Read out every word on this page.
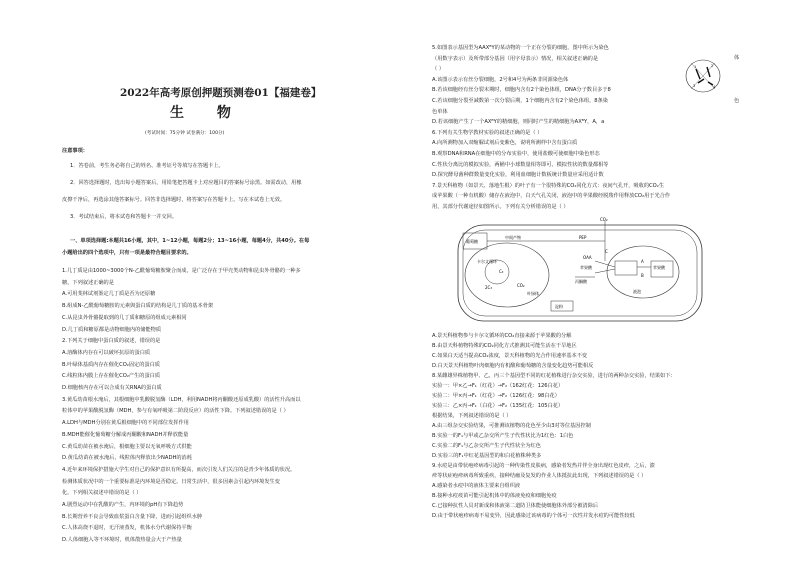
2022年高考原创押题预测卷01【福建卷】
生 物
(考试时间：75分钟 试卷满分：100分)
注意事项：
1．答卷前，考生务必将自己的姓名、准考证号等填写在答题卡上。
2．回答选择题时，选出每小题答案后，用铅笔把答题卡上对应题目的答案标号涂黑。如需改动，用橡
皮擦干净后，再选涂其他答案标号。回答非选择题时，将答案写在答题卡上。写在本试卷上无效。
3．考试结束后，将本试卷和答题卡一并交回。
一、单项选择题:本题共16小题，其中，1~12小题，每题2分；13~16小题，每题4分，共40分。在每
小题给出的四个选项中，只有一项是最符合题目要求的。
1.几丁质是由1000~3000个N-乙酰葡萄糖胺聚合而成，是广泛存在于甲壳类动物和昆虫外骨骼的一种多
糖。下列叙述正确的是
A.可用斐林试剂鉴定几丁质是否为还原糖
B.組成N-乙酰葡萄糖胺的元素與蛋白质的结构是几丁质的基本骨架
C.从昆虫外骨骼提取到的几丁质和糖原的组成元素相同
D.几丁质和糖原都是动物细胞内的储能物质
2.下列关于细胞中蛋白质的叙述，错误的是
A.溶酶体内存在可以破坏抗原的蛋白质
B.叶绿体基质内存在催化CO₂固定的蛋白质
C.线粒体内膜上存在催化CO₂产生的蛋白质
D.细胞核内存在可以合成有关RNA的蛋白质
3.黄瓜幼苗根水淹后，其根细胞中乳酸脱氢酶（LDH，利用NADH将丙酮酸还原成乳酸）的活性升高而以
粒体中的苹果酸脱氢酶（MDH，参与有氧呼吸第二阶段反应）的活性下降。下列叙述错误的是（ ）
A.LDH与MDH分别在黄瓜根细胞中的不同部位发挥作用
B.MDH能催化葡萄糖分解成丙酮酸和NADH并释放能量
C.黄瓜幼苗在被水淹后，根细胞主要以无氧呼吸方式供能
D.黄瓜幼苗在被水淹后，线粒体内释放出少NADH的消耗
4.近年来环境保护措施大学生对自己的保护意识有所提高，而次引发人们关注的是青少年体质的状况。
检测体质状况中的一个重要标准是内环境是否稳定。日常生活中，很多因素会引起内环境发生变
化。下列相关叙述中错误的是（ ）
A.剧烈运动中在乳酸的产生，内环境的pH有下降趋势
B.长期营养不良会导致血浆蛋白含量下降，进而引起组织水肿
C.人体高烧不退时，无汗液蒸发，机体水分代谢保持平衡
D.人体细胞入等不环境时，机体散热量会大于产热量
5.如图表示基因型为AAXᴮY的某动物的一个正在分裂的细胞，图中所示为染色
（用数字表示）及所带部分基因（用字母表示）情况，相关叙述正确的是
（ ）
A.该图示表示有丝分裂细胞，2号和4号为两条非同源染色体
B.若该细胞经有丝分裂末期时，细胞内含有2个染色体组，DNA分子数目多于8
C.若该细胞分裂至减数第一次分裂后期，1个细胞内含有2个染色体组，8条染
色单体
D.若该细胞产生了一个AXᴮY的精细胞，则同时产生的精细胞为AXᴮY，A，a
6.下列有关生物学教材实验的叙述正确的是（ ）
A.向所测物加入双缩脲试剂后变紫色，说明所测样中含有蛋白质
B.观察DNA和RNA在细胞中的分布实验中，使用盐酸可使细胞中染色形态
C.性状分离比的模拟实验，两桶中小球数量相等即可，模拟性状的数量都相等
D.探究酵母菌种群数量变化实验，利用血细胞计数板统计数量应采用适计数
7.景天科植物（如景天、落地生根）的叶子有一个很特殊的CO₂同化方式：夜间气孔开，吸收的CO₂生
成苹果酸（一种有机酸）储存在液泡中，白天气孔关闭，液泡中的苹果酸经脱羧作用释放CO₂用于光合作
用，其部分代谢途径如图所示。下列有关分析错误的是（ ）
A.景天科植物参与卡尔文循环的CO₂直接来源于苹果酸的分解
B.由景天科植物特殊的CO₂同化方式推测其可能生活在干旱地区
C.如果白天适当提高CO₂浓度，景天科植物的光合作用速率基本不变
D.白天景天科植物叶肉细胞内有机酸和葡萄糖的含量变化趋势可能相反
8.某雌雄异株植物甲、乙，丙三个基因型不同的红花植株进行杂交实验，进行的两种杂交实验，结果如下：
实验一：甲×乙→F₁（红花）→F₂（162红花：126白花）
实验二：甲×丙→F₁（红花）→F₂（126红花：98白花）
实验三：乙×丙→F₁（白花）→F₂（135红花：105白花）
根据结果，下列叙述错误的是（ ）
A.由三组杂交实验结果，可推测该植物的花色至少由3对等位基因控制
B.实验一的F₁与甲或乙杂交所产生子代性状比为1红色：1白色
C.实验二的F₁与乙杂交所产生子代性状全为红色
D.实验三的F₁中红花基因型的和白花植株种类多
9.水痘是由带状疱疹病毒引起的一种传染性皮肤病，感染者发热并伴全身出现红色皮疹，之后，溃
疹等状症疱疹病毒所致重疾，接种结痂及复发的作业人体抵抗此出现，下列叙述错误的是（ ）
A.感染者水痘中的液体主要来自组织液
B.接种水痘疫苗可能引起机体中的体液免疫和细胞免疫
C.已接种抗性人员对新成和体液第二道防卫体能使细胞体外部分被清除后
D.由于带状疱疹病毒不易变异，因此感染过该病毒的个体可一次性并发水痘的可能性较低
1	2
3	4
体
色
葡萄糖
CO₂
PEP
中间产物
OAA
苹果酸
卡尔文循环
C₃
2C₃	CO₂
丙酮酸
苹果酸
叶绿体
A
B
C
液泡
淀粉
